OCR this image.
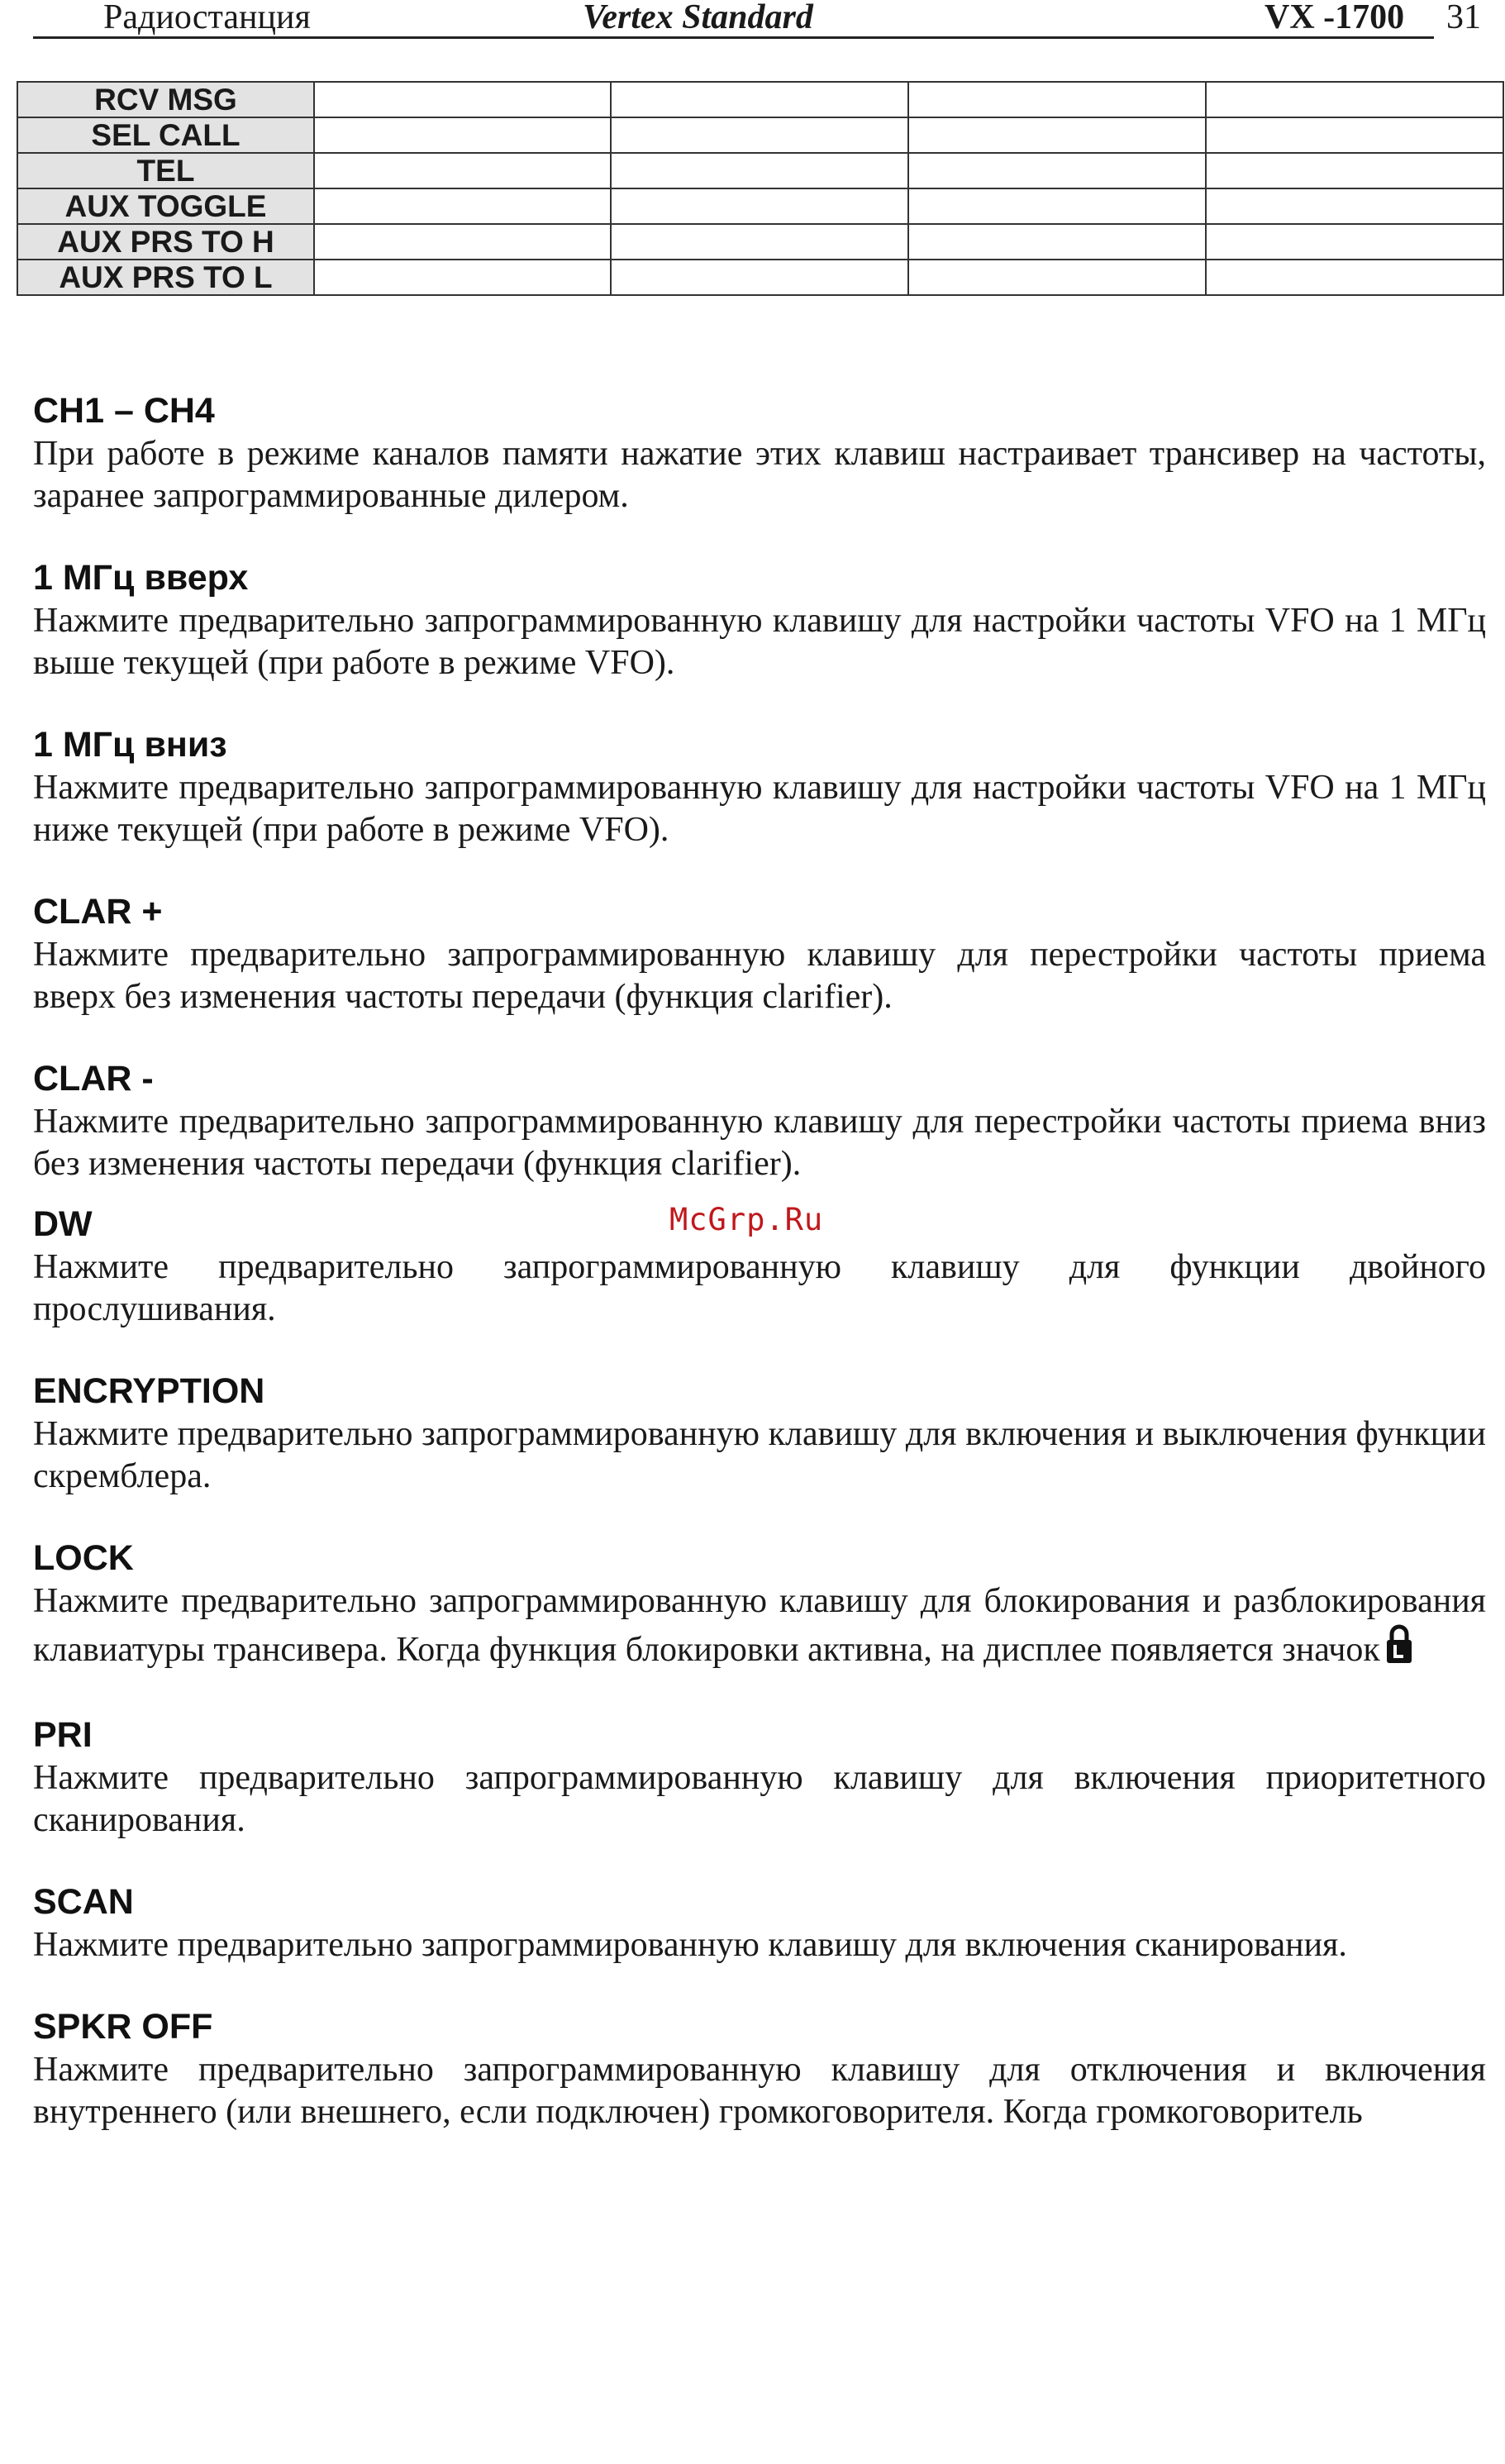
Радиостанция	Vertex Standard	VX -1700 31
RCV MSG				
SEL CALL				
TEL				
AUX TOGGLE				
AUX PRS TO H				
AUX PRS TO L				
CH1 – CH4

При работе в режиме каналов памяти нажатие этих клавиш настраивает трансивер на частоты, заранее запрограммированные дилером.

1 МГц вверх

Нажмите предварительно запрограммированную клавишу для настройки частоты VFO на 1 МГц выше текущей (при работе в режиме VFO).

1 МГц вниз

Нажмите предварительно запрограммированную клавишу для настройки частоты VFO на 1 МГц ниже текущей (при работе в режиме VFO).

CLAR +

Нажмите предварительно запрограммированную клавишу для перестройки частоты приема вверх без изменения частоты передачи (функция clarifier).

CLAR -

Нажмите предварительно запрограммированную клавишу для перестройки частоты приема вниз без изменения частоты передачи (функция clarifier).

DW

Нажмите предварительно запрограммированную клавишу для функции двойного прослушивания.

ENCRYPTION

Нажмите предварительно запрограммированную клавишу для включения и выключения функции скремблера.

LOCK

Нажмите предварительно запрограммированную клавишу для блокирования и разблокирования клавиатуры трансивера. Когда функция блокировки активна, на дисплее появляется значок

PRI

Нажмите предварительно запрограммированную клавишу для включения приоритетного сканирования.

SCAN

Нажмите предварительно запрограммированную клавишу для включения сканирования.

SPKR OFF

Нажмите предварительно запрограммированную клавишу для отключения и включения внутреннего (или внешнего, если подключен) громкоговорителя. Когда громкоговоритель

McGrp.Ru
